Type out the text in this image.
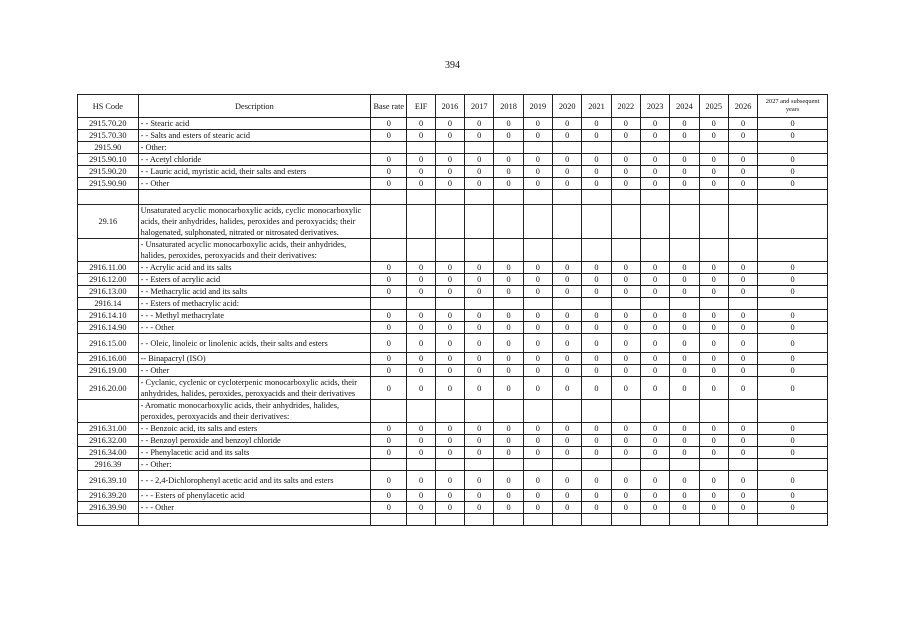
394
HS Code	Description	Base rate	EIF	2016	2017	2018	2019	2020	2021	2022	2023	2024	2025	2026	2027 and subsequent years
2915.70.20	- - Stearic acid	0	0	0	0	0	0	0	0	0	0	0	0	0	0
2915.70.30	- - Salts and esters of stearic acid	0	0	0	0	0	0	0	0	0	0	0	0	0	0
2915.90	- Other:														
2915.90.10	- - Acetyl chloride	0	0	0	0	0	0	0	0	0	0	0	0	0	0
2915.90.20	- - Lauric acid, myristic acid, their salts and esters	0	0	0	0	0	0	0	0	0	0	0	0	0	0
2915.90.90	- - Other	0	0	0	0	0	0	0	0	0	0	0	0	0	0

29.16	Unsaturated acyclic monocarboxylic acids, cyclic monocarboxylic acids, their anhydrides, halides, peroxides and peroxyacids; their halogenated, sulphonated, nitrated or nitrosated derivatives.														
	- Unsaturated acyclic monocarboxylic acids, their anhydrides, halides, peroxides, peroxyacids and their derivatives:														
2916.11.00	- - Acrylic acid and its salts	0	0	0	0	0	0	0	0	0	0	0	0	0	0
2916.12.00	- - Esters of acrylic acid	0	0	0	0	0	0	0	0	0	0	0	0	0	0
2916.13.00	- - Methacrylic acid and its salts	0	0	0	0	0	0	0	0	0	0	0	0	0	0
2916.14	- - Esters of methacrylic acid:														
2916.14.10	- - - Methyl methacrylate	0	0	0	0	0	0	0	0	0	0	0	0	0	0
2916.14.90	- - - Other	0	0	0	0	0	0	0	0	0	0	0	0	0	0
2916.15.00	- - Oleic, linoleic or linolenic acids, their salts and esters	0	0	0	0	0	0	0	0	0	0	0	0	0	0
2916.16.00	-- Binapacryl (ISO)	0	0	0	0	0	0	0	0	0	0	0	0	0	0
2916.19.00	- - Other	0	0	0	0	0	0	0	0	0	0	0	0	0	0
2916.20.00	- Cyclanic, cyclenic or cycloterpenic monocarboxylic acids, their anhydrides, halides, peroxides, peroxyacids and their derivatives	0	0	0	0	0	0	0	0	0	0	0	0	0	0
	- Aromatic monocarboxylic acids, their anhydrides, halides, peroxides, peroxyacids and their derivatives:														
2916.31.00	- - Benzoic acid, its salts and esters	0	0	0	0	0	0	0	0	0	0	0	0	0	0
2916.32.00	- - Benzoyl peroxide and benzoyl chloride	0	0	0	0	0	0	0	0	0	0	0	0	0	0
2916.34.00	- - Phenylacetic acid and its salts	0	0	0	0	0	0	0	0	0	0	0	0	0	0
2916.39	- - Other:														
2916.39.10	- - - 2,4-Dichlorophenyl acetic acid and its salts and esters	0	0	0	0	0	0	0	0	0	0	0	0	0	0
2916.39.20	- - - Esters of phenylacetic acid	0	0	0	0	0	0	0	0	0	0	0	0	0	0
2916.39.90	- - - Other	0	0	0	0	0	0	0	0	0	0	0	0	0	0
